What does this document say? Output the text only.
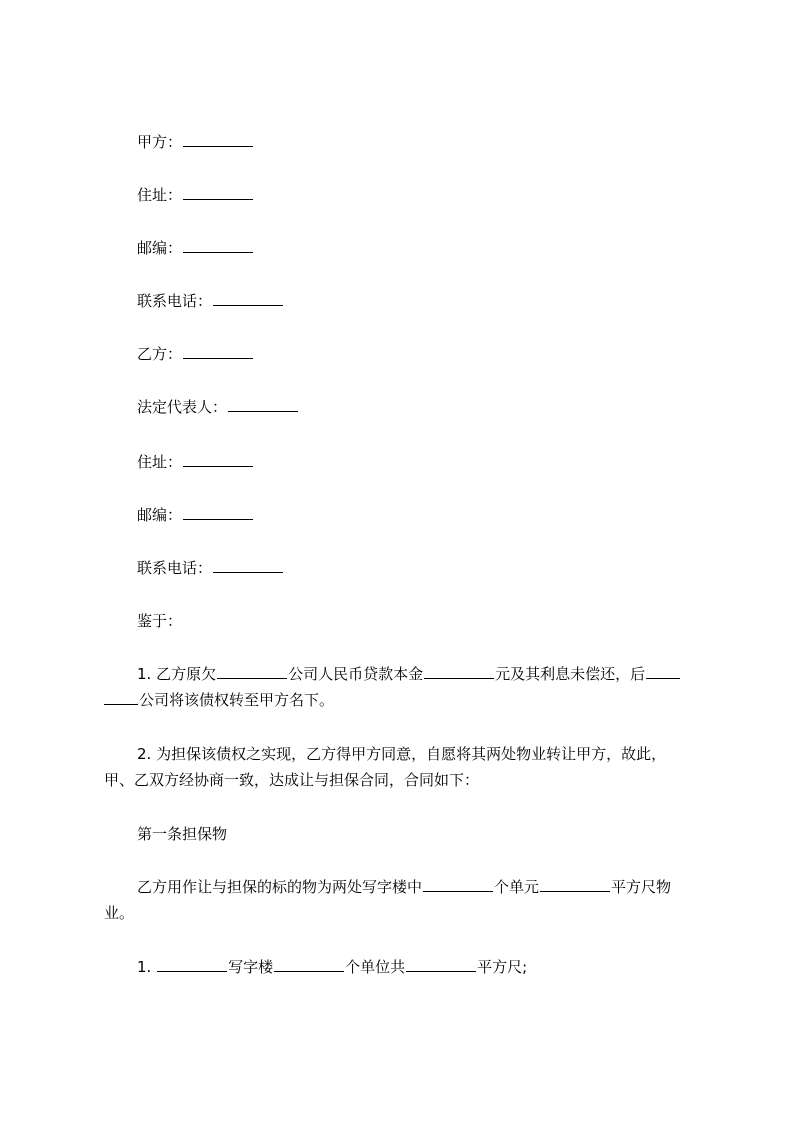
甲方：
住址：
邮编：
联系电话：
乙方：
法定代表人：
住址：
邮编：
联系电话：
鉴于：
1. 乙方原欠	公司人民币贷款本金	元及其利息未偿还，后
公司将该债权转至甲方名下。
2. 为担保该债权之实现，乙方得甲方同意，自愿将其两处物业转让甲方，故此，
甲、乙双方经协商一致，达成让与担保合同，合同如下：
第一条担保物
乙方用作让与担保的标的物为两处写字楼中	个单元	平方尺物
业。
1.	写字楼	个单位共	平方尺;
